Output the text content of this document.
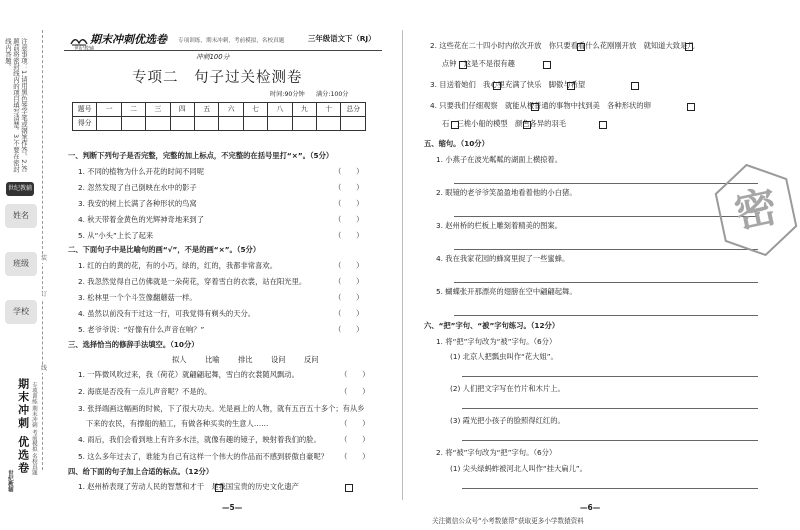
注意事项：1.请用黑色签字笔或钢笔作答。2.答题前将密封线内的项目填写清楚。3.不要在密封线内答题。
世纪教辅
姓名
班级
学校
装
订
线
期末冲刺 优选卷 专项训练 期末冲刺 考前模拟 名校真题
世纪教辅
期末冲刺优选卷
世纪教辅
专项训练，期末冲刺，考前模拟，名校真题	三年级语文下（RJ）
冲刺100分
专项二　句子过关检测卷
时间:90分钟 满分:100分
题号	一	二	三	四	五	六	七	八	九	十	总分
得分											
一、判断下列句子是否完整，完整的加上标点，不完整的在括号里打“×”。（5分）
1. 不同的植物为什么开花的时间不同呢
2. 忽然发现了自己倒映在水中的影子
3. 我安的树上长满了各种形状的鸟窝
4. 秋天带着金黄色的光辉神奇地来到了
5. 从“小头”上长了起来
（　　）
（　　）
（　　）
（　　）
（　　）
二、下面句子中是比喻句的画“√”，不是的画“×”。（5分）
1. 红的白的黄的花，有的小巧，绿的，红的，我都非常喜欢。
2. 我忽然觉得自己仿佛就是一朵荷花，穿着雪白的衣裳，站在阳光里。
3. 松林里一个个斗笠像翻蘑菇一样。
4. 虽然以前没有干过这一行，可我觉得有剃头的天分。
5. 老爷爷说：“好像有什么声音在响？”
（　　）
（　　）
（　　）
（　　）
（　　）
三、选择恰当的修辞手法填空。（10分）
拟人	比喻	排比	设问	反问
1. 一阵微风吹过来，我（荷花）就翩翩起舞，雪白的衣裳随风飘动。
2. 海底是否没有一点儿声音呢？不是的。
3. 张择端画这幅画的时候，下了很大功夫。光是画上的人物，就有五百五十多个；有从乡
下来的农民，有撑船的船工，有做各种买卖的生意人……
4. 雨后，我们会看到地上有许多水洼，就像有趣的镜子，映射着我们的脸。
5. 这么多年过去了，谁能为自己有这样一个伟大的作品而不感到骄傲自豪呢？
（　　）
（　　）
（　　）
（　　）
（　　）
四、给下面的句子加上合适的标点。（12分）
1. 赵州桥表现了劳动人民的智慧和才干　是我国宝贵的历史文化遗产
—5—
2. 这些花在二十四小时内依次开放　你只要看看什么花刚刚开放　就知道大致是几
点钟　这是不是很有趣
3. 目送着她们　我心里充满了快乐　脚傲与希望
4. 只要我们仔细观察　就能从极普通的事物中找到美　各种形状的卵
石　三桅小船的模型　颜色各异的羽毛
五、缩句。（10分）
1. 小燕子在波光粼粼的湖面上横掠着。
2. 眼镜的老爷爷笑盈盈地看着他的小白猪。
3. 赵州桥的栏板上雕刻着精美的图案。
4. 我在我家花园的蜂窝里捉了一些蜜蜂。
5. 蝴蝶张开那漂亮的翅膀在空中翩翩起舞。
六、“把”字句、“被”字句练习。（12分）
1. 将“把”字句改为“被”字句。（6分）
(1) 北京人把瓢虫叫作“花大姐”。
(2) 人们把文字写在竹片和木片上。
(3) 霞光把小孩子的脸照得红红的。
2. 将“被”字句改为“把”字句。（6分）
(1) 尖头绿蚂蚱被河北人叫作“挂大扁儿”。
—6—
密
关注微信公众号“小考数猿帮”获取更多小学数猿资料
